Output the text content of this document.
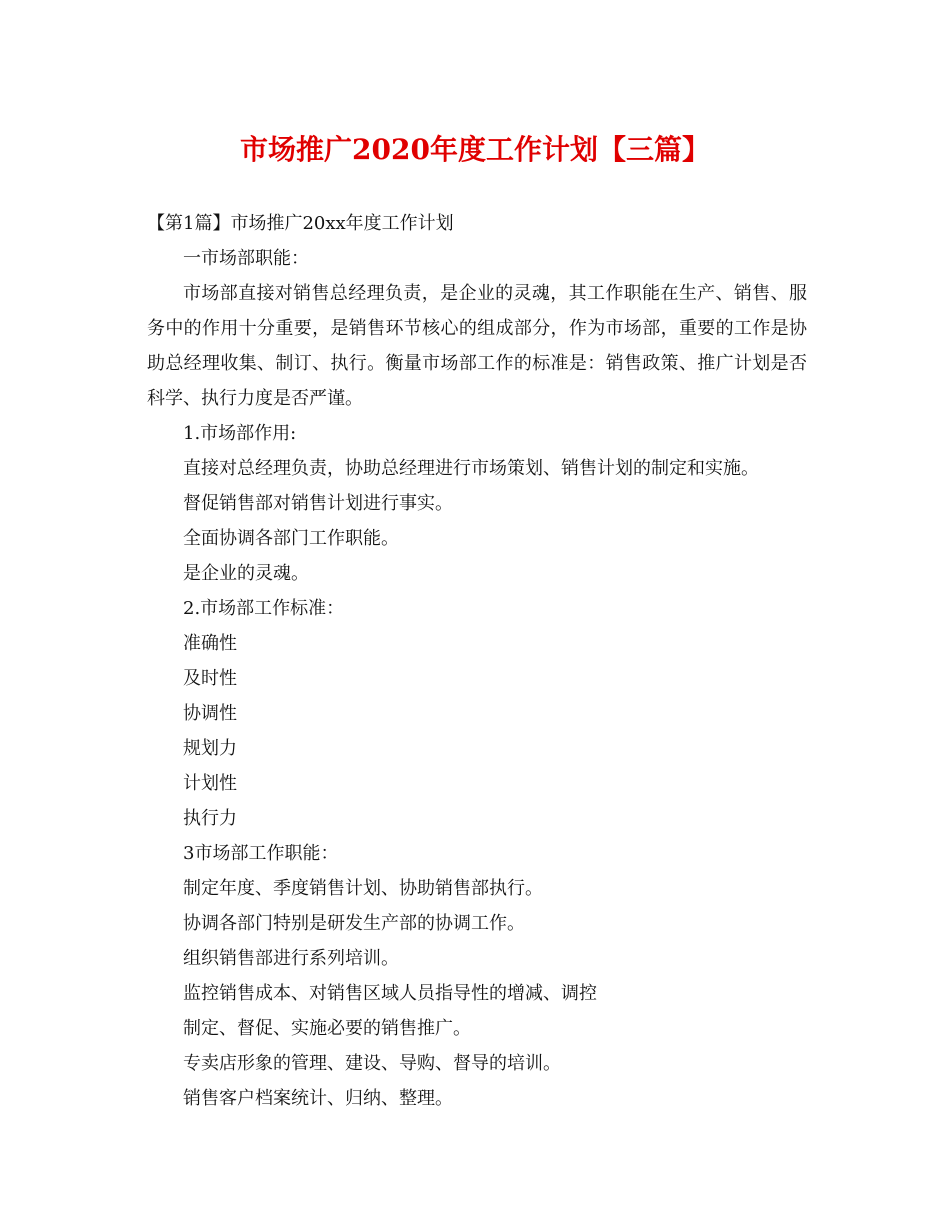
市场推广2020年度工作计划【三篇】
【第1篇】市场推广20xx年度工作计划
一市场部职能：

市场部直接对销售总经理负责，是企业的灵魂，其工作职能在生产、销售、服务中的作用十分重要，是销售环节核心的组成部分，作为市场部，重要的工作是协助总经理收集、制订、执行。衡量市场部工作的标准是：销售政策、推广计划是否科学、执行力度是否严谨。

1.市场部作用:
直接对总经理负责，协助总经理进行市场策划、销售计划的制定和实施。
督促销售部对销售计划进行事实。
全面协调各部门工作职能。
是企业的灵魂。
2.市场部工作标准：
准确性
及时性
协调性
规划力
计划性
执行力
3市场部工作职能：
制定年度、季度销售计划、协助销售部执行。
协调各部门特别是研发生产部的协调工作。
组织销售部进行系列培训。
监控销售成本、对销售区域人员指导性的增减、调控
制定、督促、实施必要的销售推广。
专卖店形象的管理、建设、导购、督导的培训。
销售客户档案统计、归纳、整理。
